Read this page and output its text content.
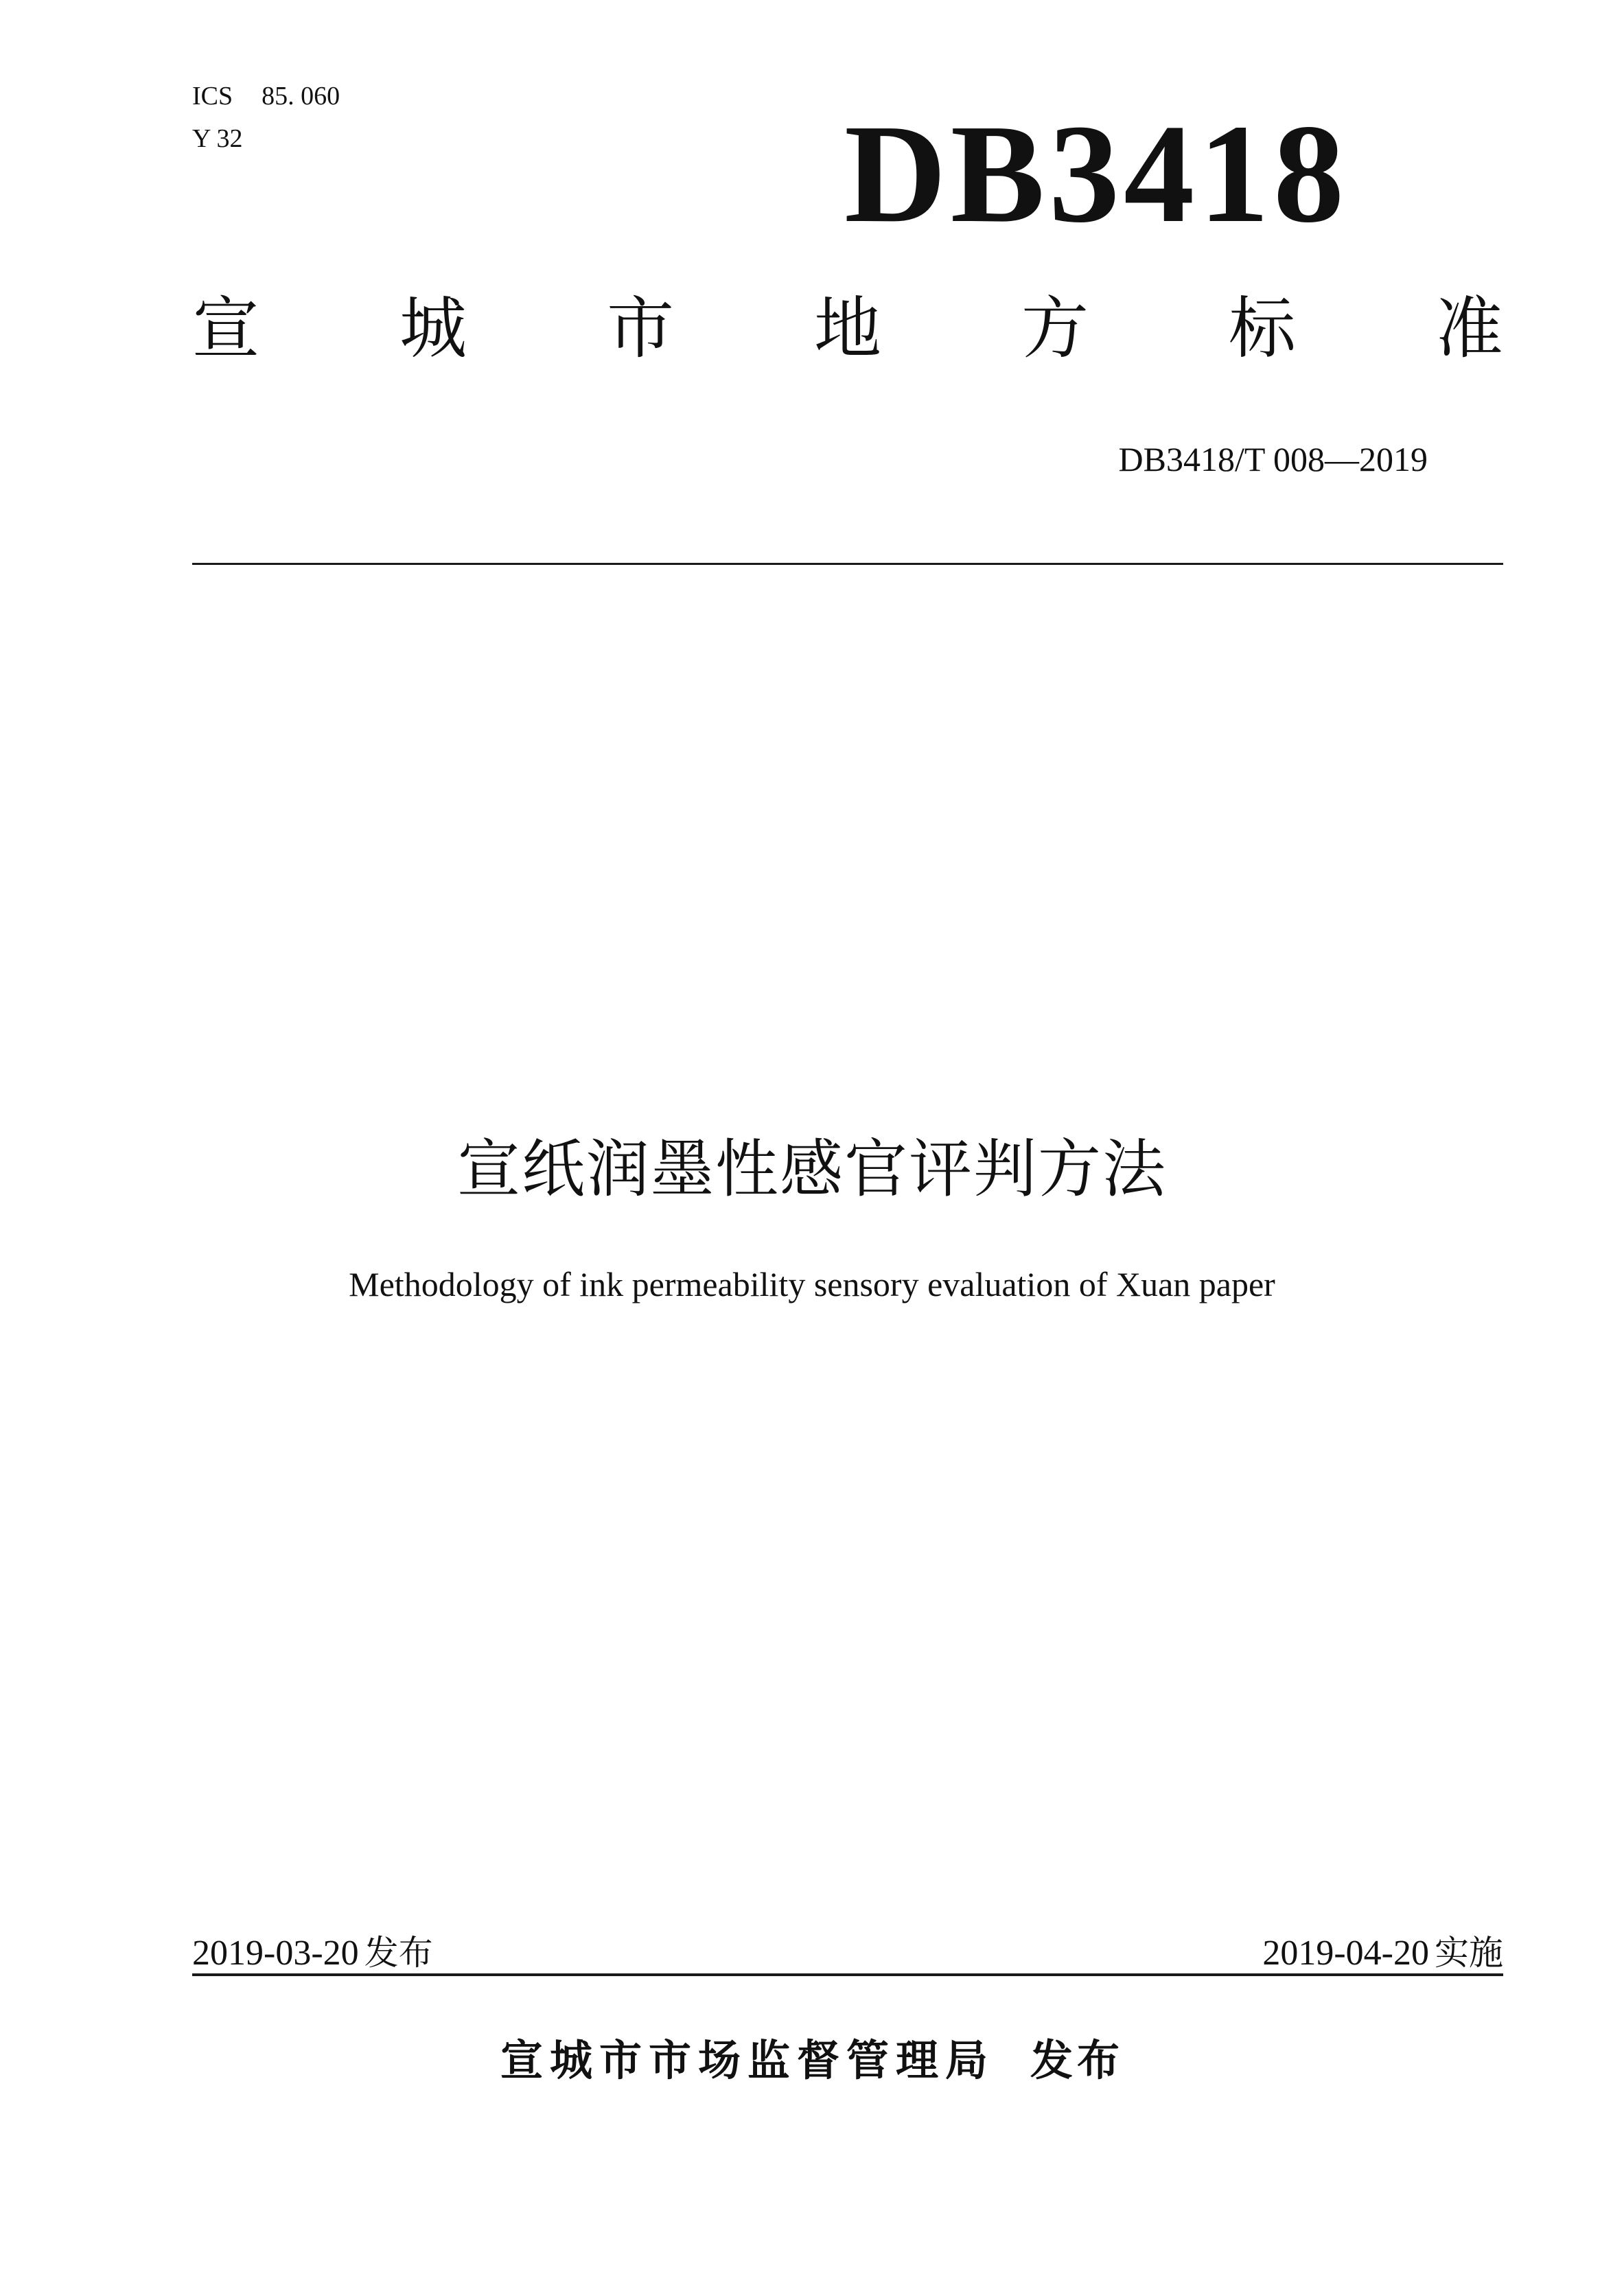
ICS 85. 060
Y 32	DB3418
宣 城 市 地 方 标 准
DB3418/T 008—2019
宣纸润墨性感官评判方法
Methodology of ink permeability sensory evaluation of Xuan paper
2019-03-20 发布	2019-04-20 实施
宣城市市场监督管理局 发布
